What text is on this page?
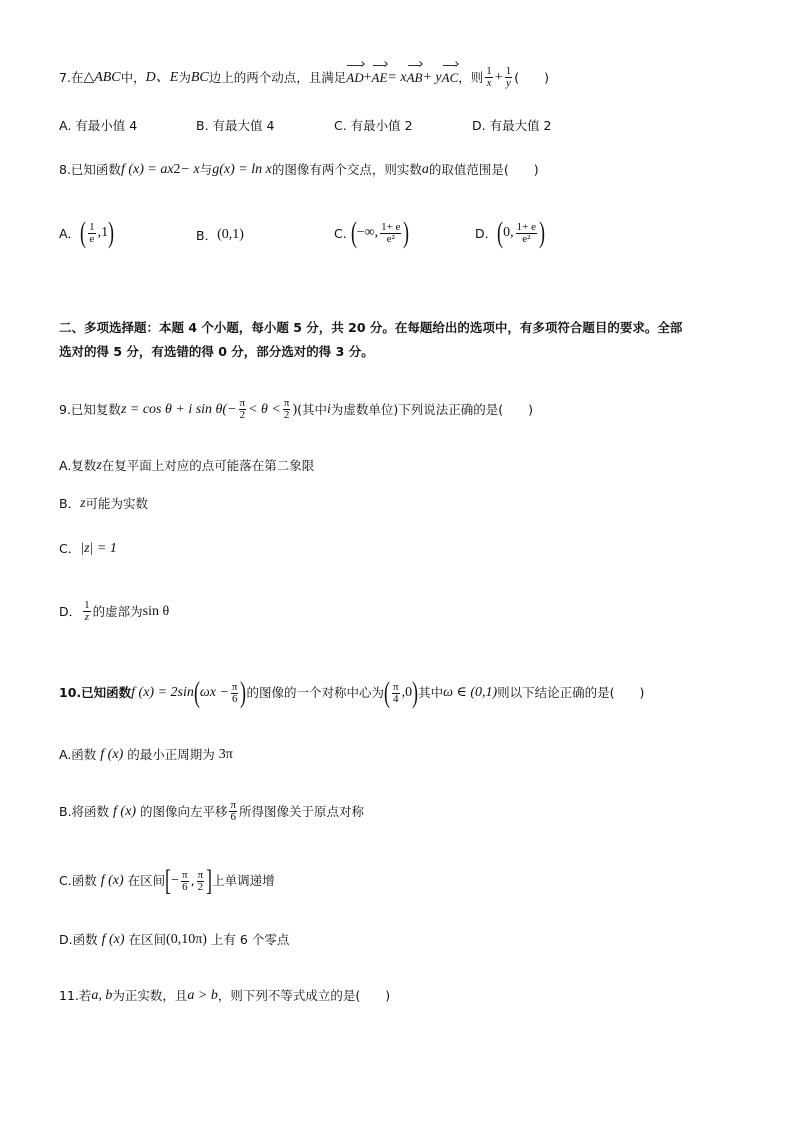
7.在 △ABC 中， D、E 为 BC 边上的两个动点，且满足 AD + AE = x AB + y AC ，则 $\frac{1}{x} + \frac{1}{y}$ (　　)
A. 有最小值 4	B. 有最大值 4	C. 有最小值 2	D. 有最大值 2
8.已知函数 f (x) = ax 2 − x 与 g(x) = ln x 的图像有两个交点，则实数 a 的取值范围是(　　)
A． ( $\frac{1}{e} ,1$ )	B． (0,1)	C.
( −∞, $\frac{1+ e}{\text{e²}}$ )	D． ( 0, $\frac{1+ e}{\text{e²}}$ )
二、多项选择题：本题 4 个小题，每小题 5 分，共 20 分。在每题给出的选项中，有多项符合题目的要求。全部
选对的得 5 分，有选错的得 0 分，部分选对的得 3 分。
9.已知复数 z = cos θ + i $\sin \theta(- \frac{\pi}{2} < \theta < \frac{\pi}{2}$ ) (其中 i 为虚数单位)下列说法正确的是(　　)
A.复数 z 在复平面上对应的点可能落在第二象限
B． z 可能为实数
C． |z| = 1
D． $\frac{1}{z}$ 的虚部为 sin θ
10.已知函数 f (x) = 2sin ( $\omega x - \frac{\pi}{6}$ ) 的图像的一个对称中心为 ( $\frac{\pi}{4} ,0$ ) 其中 ω ∈ (0,1) 则以下结论正确的是(　　)
A.函数
f (x)
的最小正周期为
3π
B.将函数
f (x)
的图像向左平移 $\frac{\pi}{6}$ 所得图像关于原点对称
C.函数
f (x)
在区间 [ − $\frac{\pi}{6}$ , $\frac{\pi}{2}$ ] 上单调递增
D.函数
f (x)
在区间 (0,10π)
上有 6 个零点
11.若 a, b 为正实数，且 a > b ，则下列不等式成立的是(　　)
